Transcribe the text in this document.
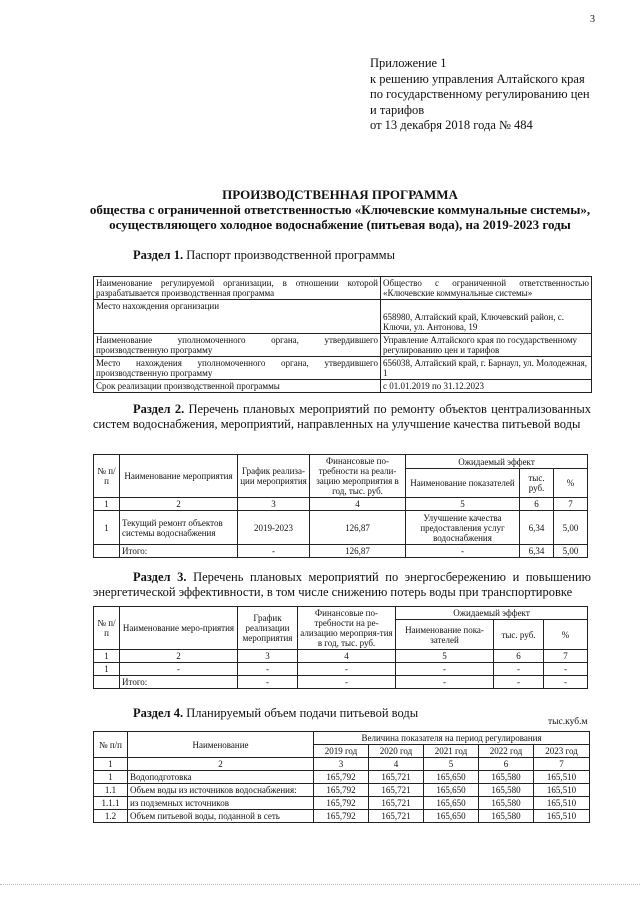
3
Приложение 1
к решению управления Алтайского края
по государственному регулированию цен
и тарифов
от 13 декабря 2018 года № 484
ПРОИЗВОДСТВЕННАЯ ПРОГРАММА
общества с ограниченной ответственностью «Ключевские коммунальные системы»,
осуществляющего холодное водоснабжение (питьевая вода), на 2019-2023 годы
Раздел 1. Паспорт производственной программы
Наименование регулируемой организации, в отношении которой разрабатывается производственная программа	Общество с ограниченной ответственностью «Ключевские коммунальные системы»
Место нахождения организации	658980, Алтайский край, Ключевский район, с. Ключи, ул. Антонова, 19
Наименование уполномоченного органа, утвердившего производственную программу	Управление Алтайского края по государственному регулированию цен и тарифов
Место нахождения уполномоченного органа, утвердившего производственную программу	656038, Алтайский край, г. Барнаул, ул. Молодежная, 1
Срок реализации производственной программы	с 01.01.2019 по 31.12.2023
Раздел 2. Перечень плановых мероприятий по ремонту объектов централизованных систем водоснабжения, мероприятий, направленных на улучшение качества питьевой воды
№ п/п	Наименование мероприятия	График реализа-ции мероприятия	Финансовые по-требности на реали-зацию мероприятия в год, тыс. руб.	Ожидаемый эффект		
				Наименование показателей	тыс. руб.	%
1	2	3	4	5	6	7
1	Текущий ремонт объектов системы водоснабжения	2019-2023	126,87	Улучшение качества предоставления услуг водоснабжения	6,34	5,00
	Итого:	-	126,87	-	6,34	5,00
Раздел 3. Перечень плановых мероприятий по энергосбережению и повышению энергетической эффективности, в том числе снижению потерь воды при транспортировке
№ п/п	Наименование меро-приятия	График реализации мероприятия	Финансовые по-требности на ре-ализацию мероприя-тия в год, тыс. руб.	Ожидаемый эффект		
				Наименование пока-зателей	тыс. руб.	%
1	2	3	4	5	6	7
1	-	-	-	-	-	-
	Итого:	-	-	-	-	-
Раздел 4. Планируемый объем подачи питьевой воды
тыс.куб.м
№ п/п	Наименование	Величина показателя на период регулирования				
		2019 год	2020 год	2021 год	2022 год	2023 год
1	2	3	4	5	6	7
1	Водоподготовка	165,792	165,721	165,650	165,580	165,510
1.1	Объем воды из источников водоснабжения:	165,792	165,721	165,650	165,580	165,510
1.1.1	из подземных источников	165,792	165,721	165,650	165,580	165,510
1.2	Объем питьевой воды, поданной в сеть	165,792	165,721	165,650	165,580	165,510
